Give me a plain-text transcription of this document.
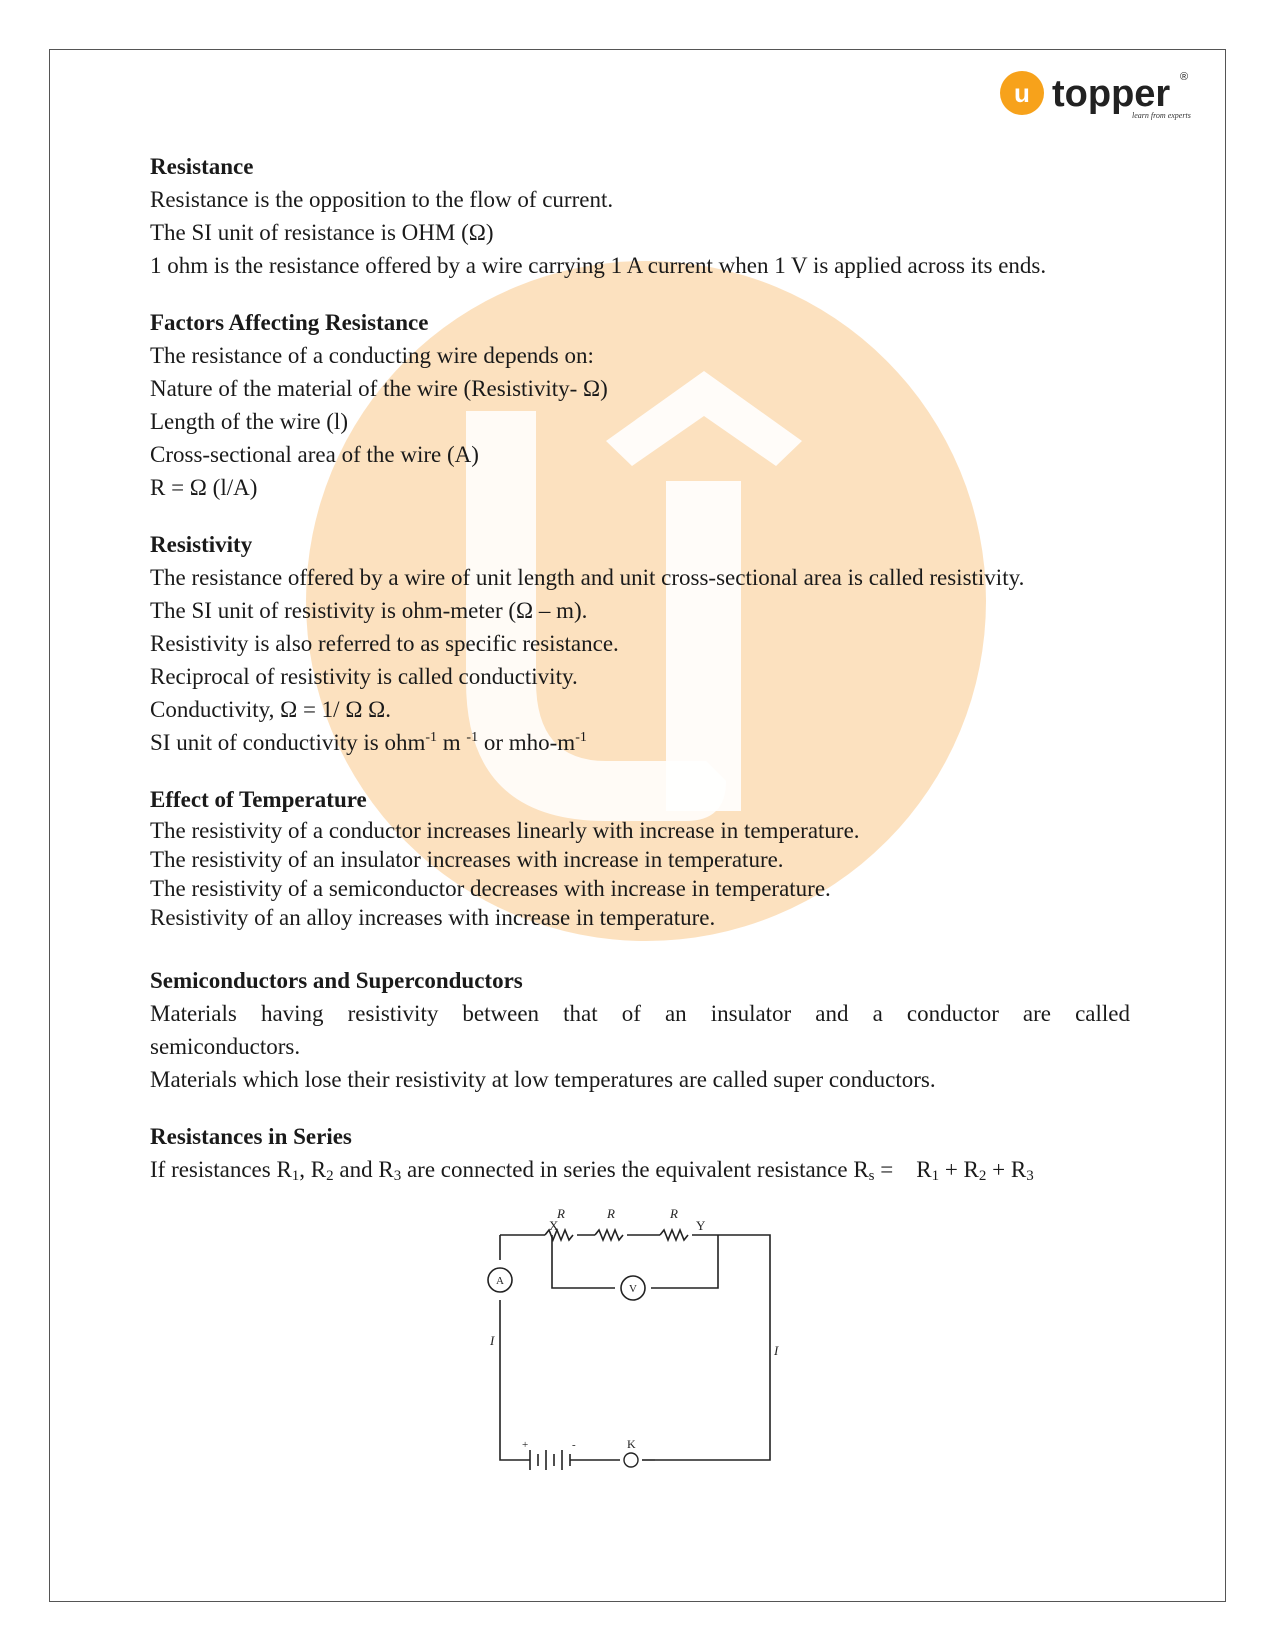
u topper ®
learn from experts

Resistance

Resistance is the opposition to the flow of current.

The SI unit of resistance is OHM (Ω)

1 ohm is the resistance offered by a wire carrying 1 A current when 1 V is applied across its ends.

Factors Affecting Resistance

The resistance of a conducting wire depends on:

Nature of the material of the wire (Resistivity- Ω)

Length of the wire (l)

Cross-sectional area of the wire (A)

R = Ω (l/A)

Resistivity

The resistance offered by a wire of unit length and unit cross-sectional area is called resistivity.

The SI unit of resistivity is ohm-meter (Ω – m).

Resistivity is also referred to as specific resistance.

Reciprocal of resistivity is called conductivity.

Conductivity, Ω = 1/ Ω Ω.

SI unit of conductivity is ohm$^{-1}$ m $^{-1}$ or mho-$m^{-1}$

Effect of Temperature

The resistivity of a conductor increases linearly with increase in temperature.

The resistivity of an insulator increases with increase in temperature.

The resistivity of a semiconductor decreases with increase in temperature.

Resistivity of an alloy increases with increase in temperature.

Semiconductors and Superconductors

Materials having resistivity between that of an insulator and a conductor are called

semiconductors.

Materials which lose their resistivity at low temperatures are called super conductors.

Resistances in Series

If resistances $R_1$, $R_2$ and $R_3$ are connected in series the equivalent resistance $R_s$ =    $R_1 + R_2 + R_3$

X	Y
R	R	R
A
V
K
I
I
+	-
